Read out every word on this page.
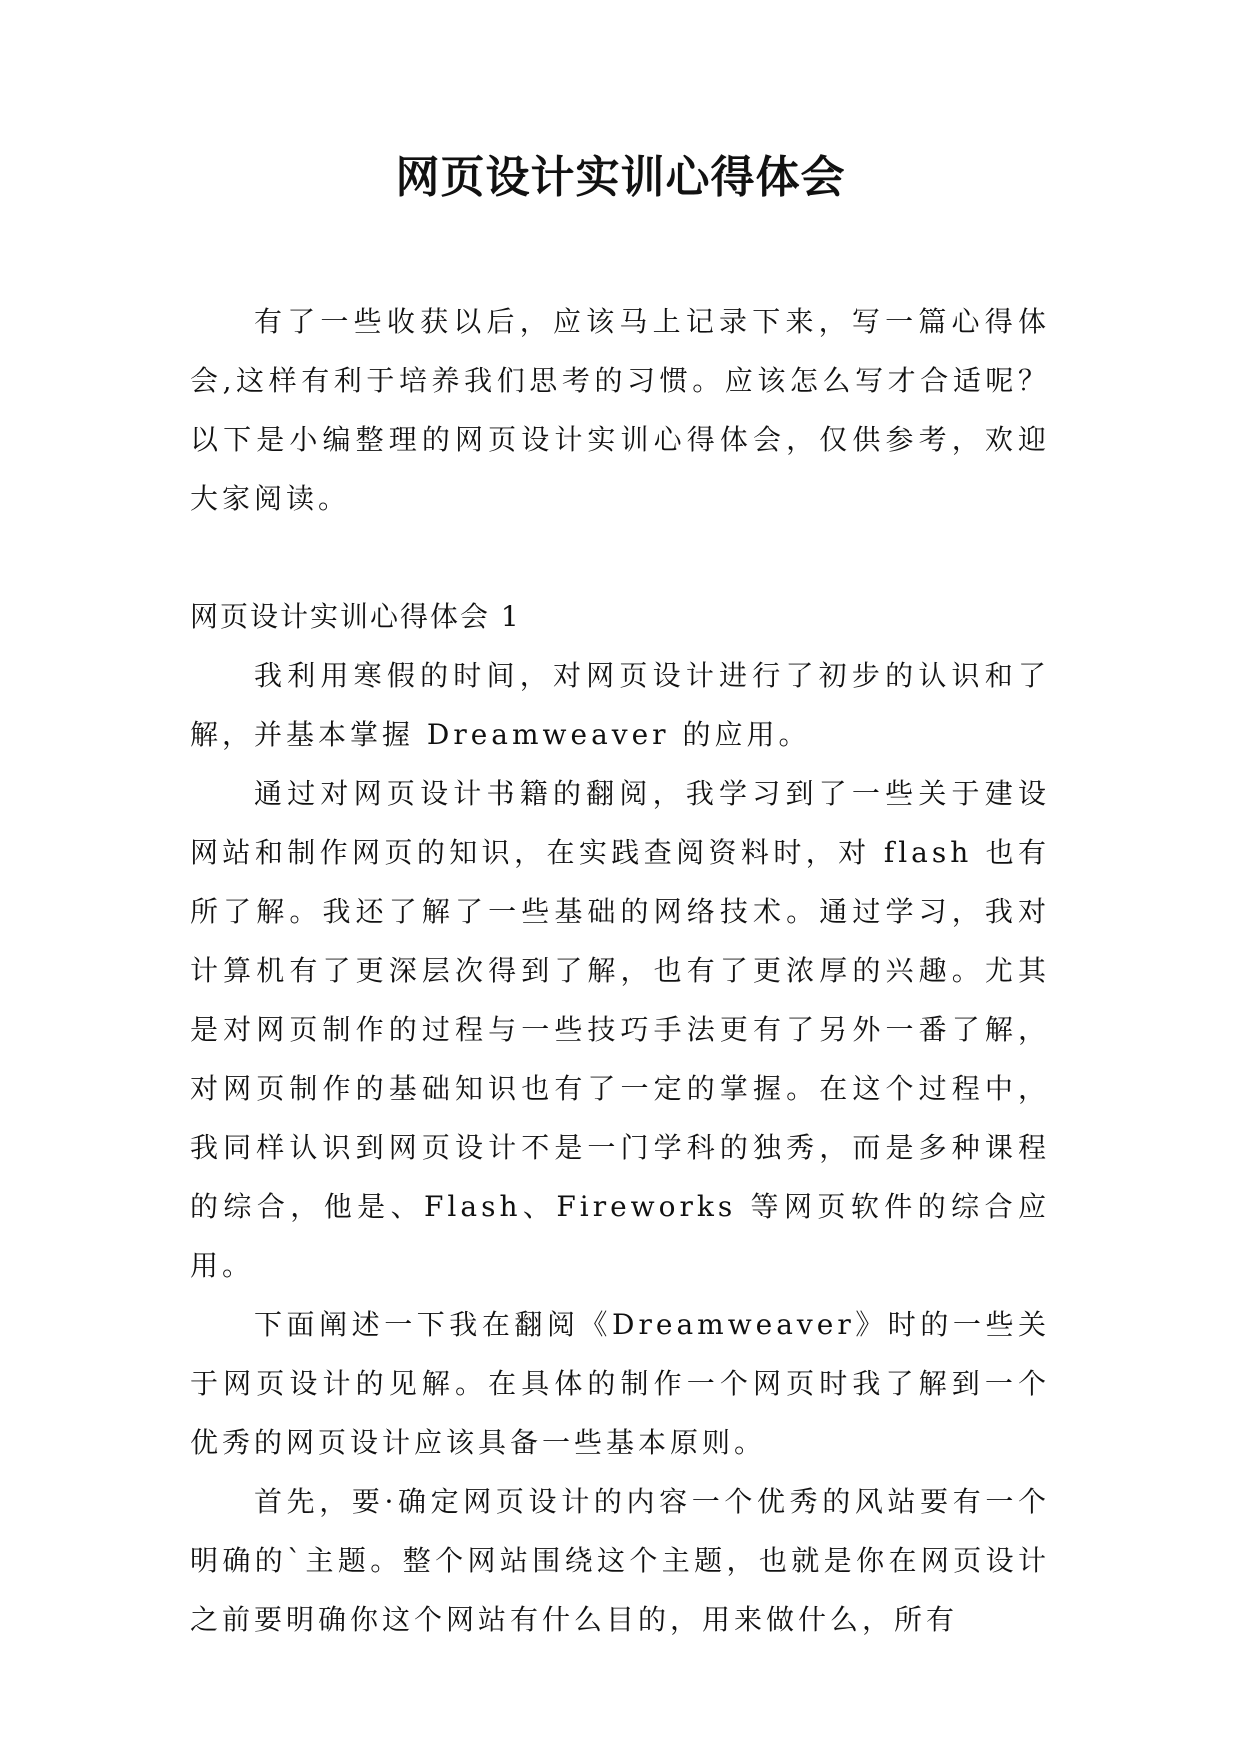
网页设计实训心得体会

有了一些收获以后，应该马上记录下来，写一篇心得体会,这样有利于培养我们思考的习惯。应该怎么写才合适呢？以下是小编整理的网页设计实训心得体会，仅供参考，欢迎大家阅读。

网页设计实训心得体会 1

我利用寒假的时间，对网页设计进行了初步的认识和了解，并基本掌握 Dreamweaver 的应用。

通过对网页设计书籍的翻阅，我学习到了一些关于建设网站和制作网页的知识，在实践查阅资料时，对 flash 也有所了解。我还了解了一些基础的网络技术。通过学习，我对计算机有了更深层次得到了解，也有了更浓厚的兴趣。尤其是对网页制作的过程与一些技巧手法更有了另外一番了解，对网页制作的基础知识也有了一定的掌握。在这个过程中，我同样认识到网页设计不是一门学科的独秀，而是多种课程的综合，他是、Flash、Fireworks 等网页软件的综合应用。

下面阐述一下我在翻阅《Dreamweaver》时的一些关于网页设计的见解。在具体的制作一个网页时我了解到一个优秀的网页设计应该具备一些基本原则。

首先，要·确定网页设计的内容一个优秀的风站要有一个明确的`主题。整个网站围绕这个主题，也就是你在网页设计之前要明确你这个网站有什么目的，用来做什么，所有
